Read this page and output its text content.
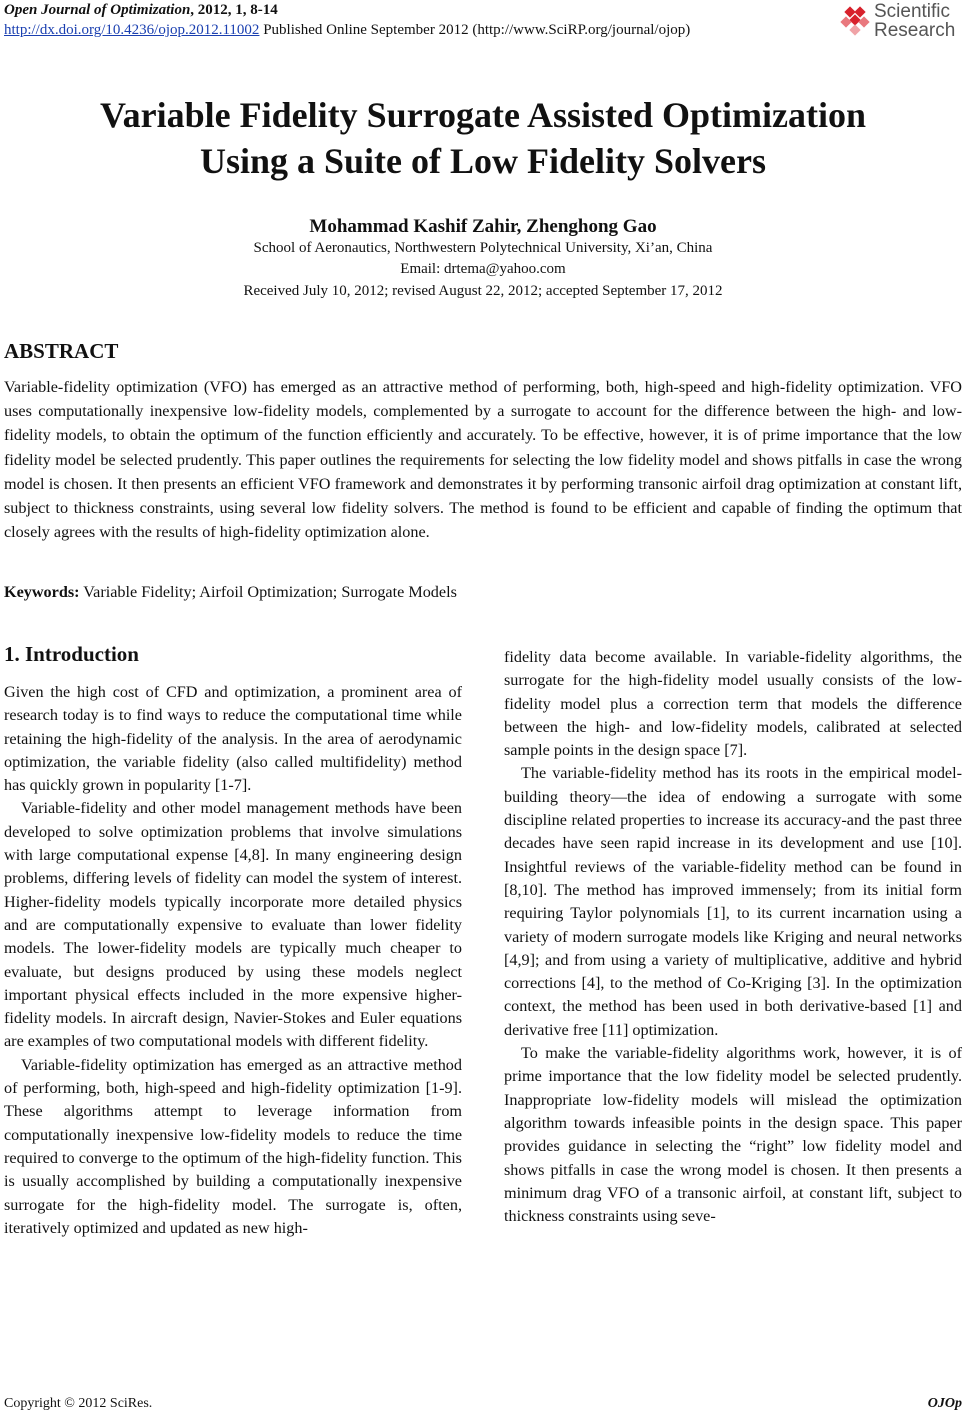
Open Journal of Optimization, 2012, 1, 8-14
http://dx.doi.org/10.4236/ojop.2012.11002 Published Online September 2012 (http://www.SciRP.org/journal/ojop)
Scientific
Research
Variable Fidelity Surrogate Assisted Optimization
Using a Suite of Low Fidelity Solvers
Mohammad Kashif Zahir, Zhenghong Gao
School of Aeronautics, Northwestern Polytechnical University, Xi’an, China
Email: drtema@yahoo.com
Received July 10, 2012; revised August 22, 2012; accepted September 17, 2012
ABSTRACT
Variable-fidelity optimization (VFO) has emerged as an attractive method of performing, both, high-speed and high-fidelity optimization. VFO uses computationally inexpensive low-fidelity models, complemented by a surrogate to account for the difference between the high- and low-fidelity models, to obtain the optimum of the function efficiently and accurately. To be effective, however, it is of prime importance that the low fidelity model be selected prudently. This paper outlines the requirements for selecting the low fidelity model and shows pitfalls in case the wrong model is chosen. It then presents an efficient VFO framework and demonstrates it by performing transonic airfoil drag optimization at constant lift, subject to thickness constraints, using several low fidelity solvers. The method is found to be efficient and capable of finding the optimum that closely agrees with the results of high-fidelity optimization alone.
Keywords: Variable Fidelity; Airfoil Optimization; Surrogate Models
1. Introduction

Given the high cost of CFD and optimization, a prominent area of research today is to find ways to reduce the computational time while retaining the high-fidelity of the analysis. In the area of aerodynamic optimization, the variable fidelity (also called multifidelity) method has quickly grown in popularity [1-7].

Variable-fidelity and other model management methods have been developed to solve optimization problems that involve simulations with large computational expense [4,8]. In many engineering design problems, differing levels of fidelity can model the system of interest. Higher-fidelity models typically incorporate more detailed physics and are computationally expensive to evaluate than lower fidelity models. The lower-fidelity models are typically much cheaper to evaluate, but designs produced by using these models neglect important physical effects included in the more expensive higher-fidelity models. In aircraft design, Navier-Stokes and Euler equations are examples of two computational models with different fidelity.

Variable-fidelity optimization has emerged as an attractive method of performing, both, high-speed and high-fidelity optimization [1-9]. These algorithms attempt to leverage information from computationally inexpensive low-fidelity models to reduce the time required to converge to the optimum of the high-fidelity function. This is usually accomplished by building a computationally inexpensive surrogate for the high-fidelity model. The surrogate is, often, iteratively optimized and updated as new high-

fidelity data become available. In variable-fidelity algorithms, the surrogate for the high-fidelity model usually consists of the low-fidelity model plus a correction term that models the difference between the high- and low-fidelity models, calibrated at selected sample points in the design space [7].

The variable-fidelity method has its roots in the empirical model-building theory—the idea of endowing a surrogate with some discipline related properties to increase its accuracy-and the past three decades have seen rapid increase in its development and use [10]. Insightful reviews of the variable-fidelity method can be found in [8,10]. The method has improved immensely; from its initial form requiring Taylor polynomials [1], to its current incarnation using a variety of modern surrogate models like Kriging and neural networks [4,9]; and from using a variety of multiplicative, additive and hybrid corrections [4], to the method of Co-Kriging [3]. In the optimization context, the method has been used in both derivative-based [1] and derivative free [11] optimization.

To make the variable-fidelity algorithms work, however, it is of prime importance that the low fidelity model be selected prudently. Inappropriate low-fidelity models will mislead the optimization algorithm towards infeasible points in the design space. This paper provides guidance in selecting the “right” low fidelity model and shows pitfalls in case the wrong model is chosen. It then presents a minimum drag VFO of a transonic airfoil, at constant lift, subject to thickness constraints using seve-

Copyright © 2012 SciRes.	OJOp
